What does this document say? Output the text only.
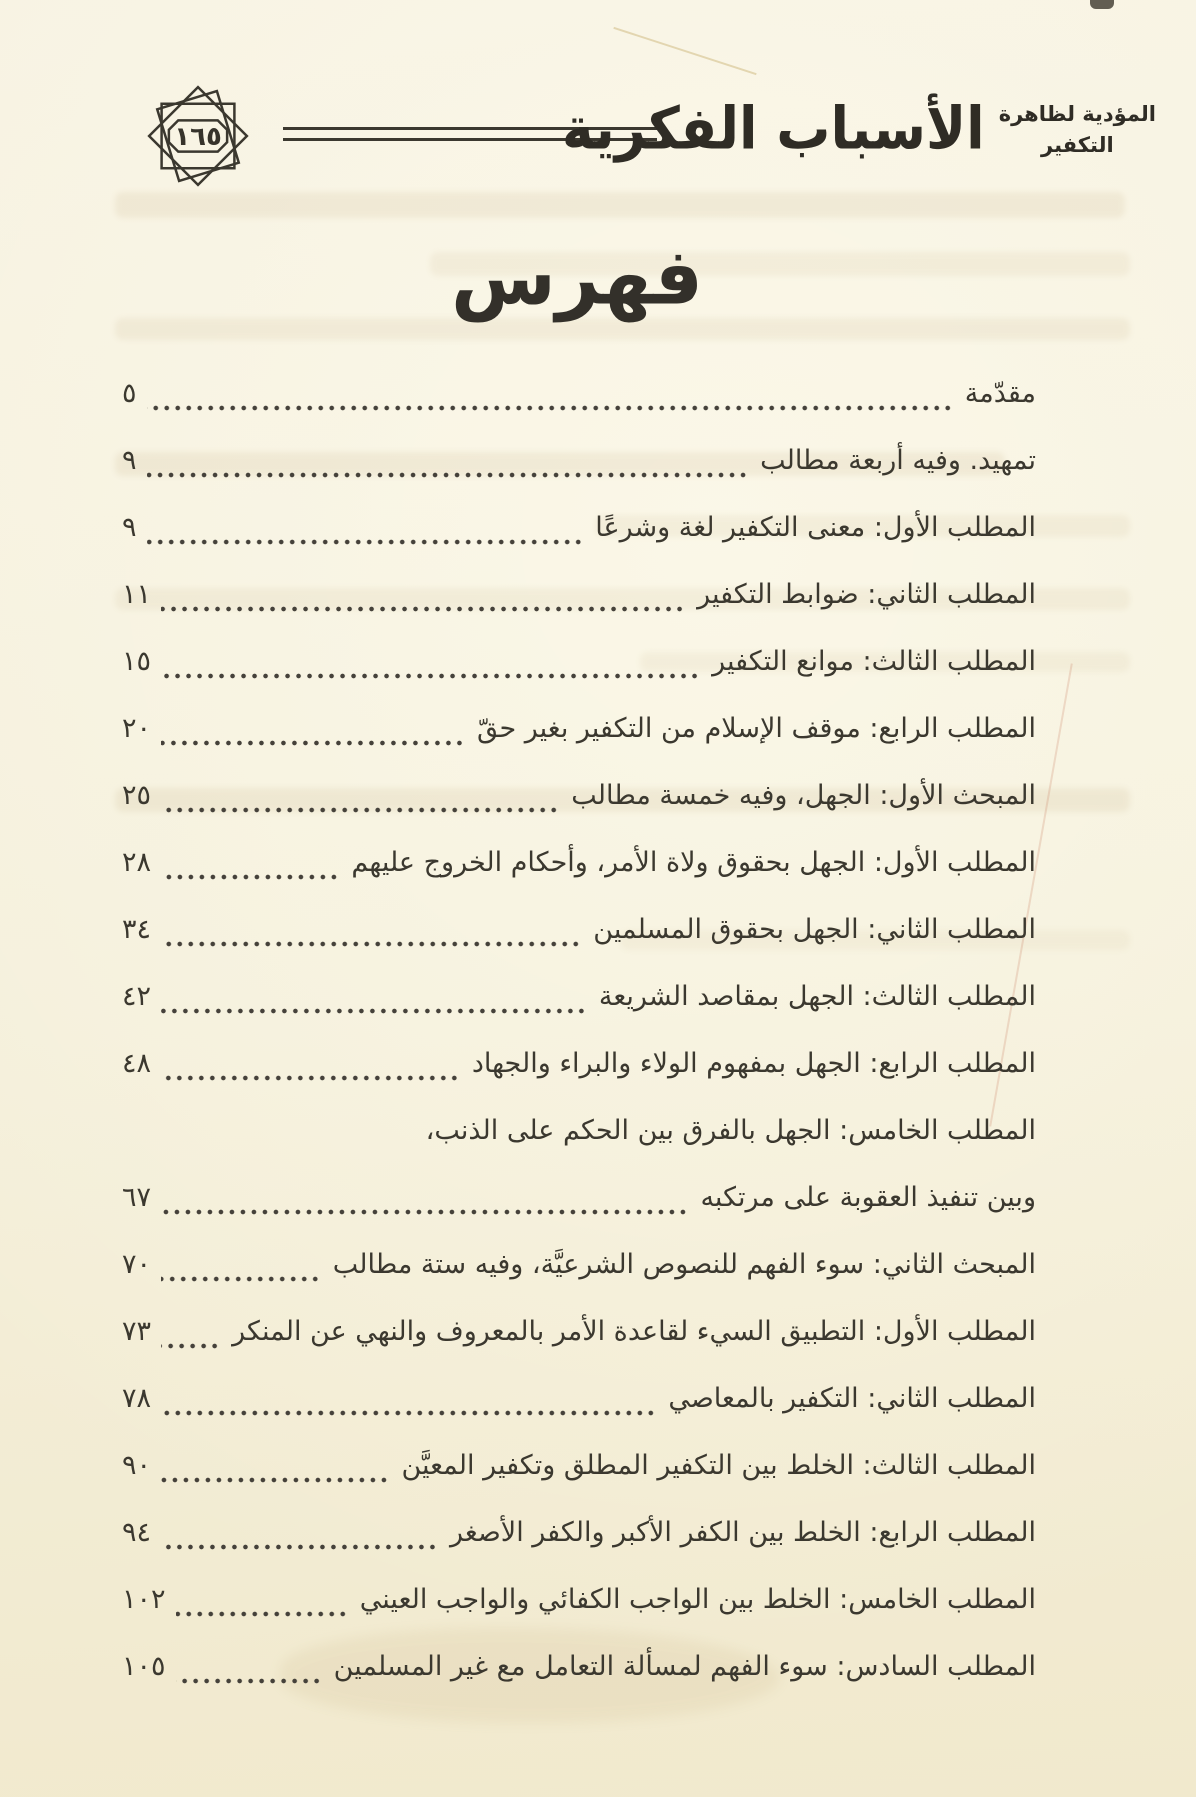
١٦٥	الأسباب الفكرية المؤدية لظاهرة
التكفير
فهرس
مقدّمة
٥
تمهيد. وفيه أربعة مطالب
٩
المطلب الأول: معنى التكفير لغة وشرعًا
٩
المطلب الثاني: ضوابط التكفير
١١
المطلب الثالث: موانع التكفير
١٥
المطلب الرابع: موقف الإسلام من التكفير بغير حقّ
٢٠
المبحث الأول: الجهل، وفيه خمسة مطالب
٢٥
المطلب الأول: الجهل بحقوق ولاة الأمر، وأحكام الخروج عليهم
٢٨
المطلب الثاني: الجهل بحقوق المسلمين
٣٤
المطلب الثالث: الجهل بمقاصد الشريعة
٤٢
المطلب الرابع: الجهل بمفهوم الولاء والبراء والجهاد
٤٨
المطلب الخامس: الجهل بالفرق بين الحكم على الذنب،
وبين تنفيذ العقوبة على مرتكبه
٦٧
المبحث الثاني: سوء الفهم للنصوص الشرعيَّة، وفيه ستة مطالب
٧٠
المطلب الأول: التطبيق السيء لقاعدة الأمر بالمعروف والنهي عن المنكر
٧٣
المطلب الثاني: التكفير بالمعاصي
٧٨
المطلب الثالث: الخلط بين التكفير المطلق وتكفير المعيَّن
٩٠
المطلب الرابع: الخلط بين الكفر الأكبر والكفر الأصغر
٩٤
المطلب الخامس: الخلط بين الواجب الكفائي والواجب العيني
١٠٢
المطلب السادس: سوء الفهم لمسألة التعامل مع غير المسلمين
١٠٥
